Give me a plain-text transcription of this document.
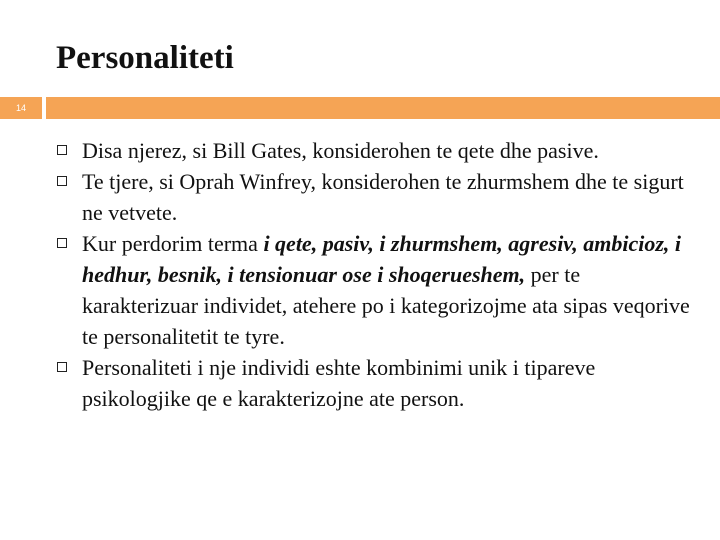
Personaliteti
14
Disa njerez, si Bill Gates, konsiderohen te qete dhe pasive.
Te tjere, si Oprah Winfrey, konsiderohen te zhurmshem dhe te sigurt ne vetvete.
Kur perdorim terma i qete, pasiv, i zhurmshem, agresiv, ambicioz, i hedhur, besnik, i tensionuar ose i shoqerueshem, per te karakterizuar individet, atehere po i kategorizojme ata sipas veqorive te personalitetit te tyre.
Personaliteti i nje individi eshte kombinimi unik i tipareve psikologjike qe e karakterizojne ate person.
